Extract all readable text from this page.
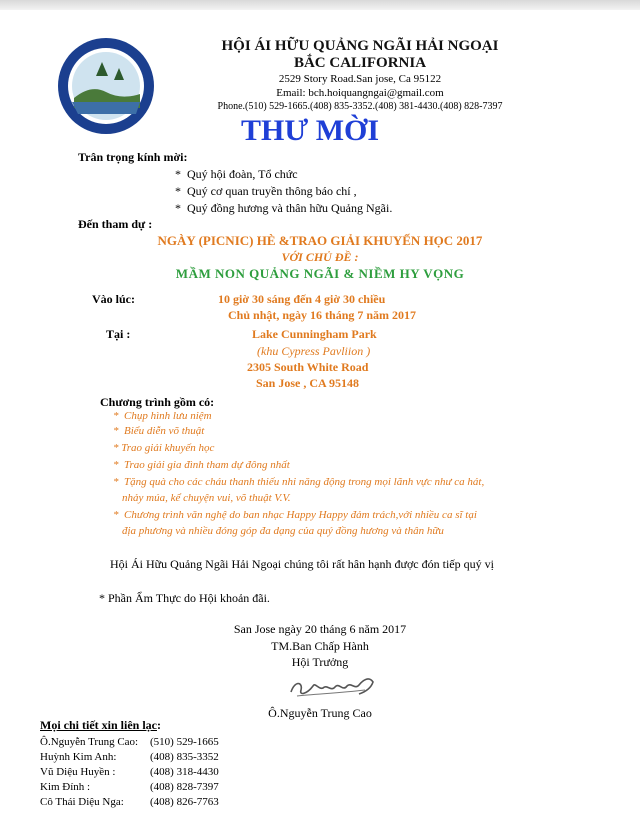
HỘI ÁI HỮU QUẢNG NGÃI HẢI NGOẠI
BẮC CALIFORNIA
2529 Story Road.San jose, Ca 95122
Email: bch.hoiquangngai@gmail.com
Phone.(510) 529-1665.(408) 835-3352.(408) 381-4430.(408) 828-7397
THƯ MỜI
Trân trọng kính mời:
*  Quý hội đoàn, Tổ chức
*  Quý cơ quan truyền thông báo chí ,
*  Quý đồng hương và thân hữu Quảng Ngãi.
Đến tham dự :
NGÀY (PICNIC) HÈ &TRAO GIẢI KHUYẾN HỌC 2017
VỚI CHỦ ĐỀ :
MẦM NON QUẢNG NGÃI & NIỀM HY VỌNG
Vào lúc:	10 giờ 30 sáng đến 4 giờ 30 chiều
Chủ nhật, ngày 16 tháng 7 năm 2017
Tại :	Lake Cunningham Park
(khu Cypress Pavliion )
2305 South White Road
San Jose , CA 95148
Chương trình gồm có:
*  Chụp hình lưu niệm
*  Biểu diễn võ thuật
* Trao giải khuyến học
*  Trao giải gia đình tham dự đông nhất
*  Tặng quà cho các cháu thanh thiếu nhi năng động trong mọi lãnh vực như ca hát,
nhảy múa, kể chuyện vui, võ thuật V.V.
*  Chương trình văn nghệ do ban nhạc Happy Happy đảm trách,với nhiều ca sĩ tại
địa phương và nhiều đóng góp đa dạng của quý đồng hương và thân hữu
Hội Ái Hữu Quảng Ngãi Hải Ngoại chúng tôi rất hân hạnh được đón tiếp quý vị
* Phần Ẩm Thực do Hội khoản đãi.
San Jose ngày 20 tháng 6 năm 2017
TM.Ban Chấp Hành
Hội Trưởng
Ô.Nguyễn Trung Cao
Mọi chi tiết xin liên lạc:
Ô.Nguyễn Trung Cao: (510) 529-1665
Huỳnh Kim Anh:	(408) 835-3352
Vũ Diệu Huyền :	(408) 318-4430
Kim Đính :	(408) 828-7397
Cô Thái Diệu Nga: (408) 826-7763
